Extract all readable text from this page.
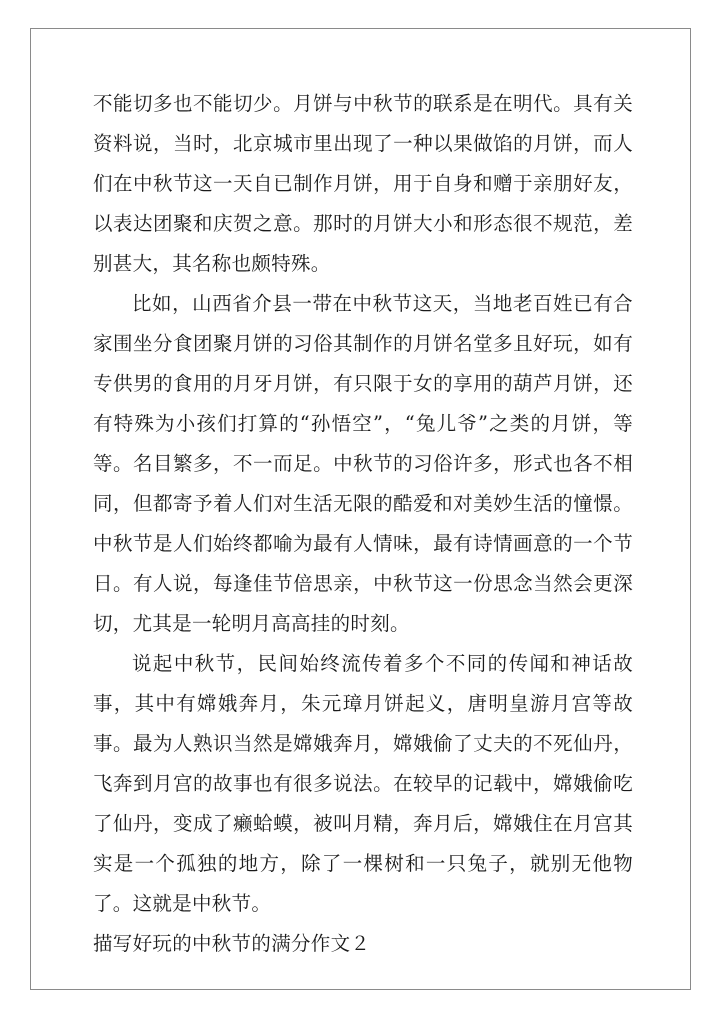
不能切多也不能切少。月饼与中秋节的联系是在明代。具有关资料说，当时，北京城市里出现了一种以果做馅的月饼，而人们在中秋节这一天自已制作月饼，用于自身和赠于亲朋好友，以表达团聚和庆贺之意。那时的月饼大小和形态很不规范，差别甚大，其名称也颇特殊。

比如，山西省介县一带在中秋节这天，当地老百姓已有合家围坐分食团聚月饼的习俗其制作的月饼名堂多且好玩，如有专供男的食用的月牙月饼，有只限于女的享用的葫芦月饼，还有特殊为小孩们打算的“孙悟空”，“兔儿爷”之类的月饼，等等。名目繁多，不一而足。中秋节的习俗许多，形式也各不相同，但都寄予着人们对生活无限的酷爱和对美妙生活的憧憬。中秋节是人们始终都喻为最有人情味，最有诗情画意的一个节日。有人说，每逢佳节倍思亲，中秋节这一份思念当然会更深切，尤其是一轮明月高高挂的时刻。

说起中秋节，民间始终流传着多个不同的传闻和神话故事，其中有嫦娥奔月，朱元璋月饼起义，唐明皇游月宫等故事。最为人熟识当然是嫦娥奔月，嫦娥偷了丈夫的不死仙丹，飞奔到月宫的故事也有很多说法。在较早的记载中，嫦娥偷吃了仙丹，变成了癞蛤蟆，被叫月精，奔月后，嫦娥住在月宫其实是一个孤独的地方，除了一棵树和一只兔子，就别无他物了。这就是中秋节。

描写好玩的中秋节的满分作文２
